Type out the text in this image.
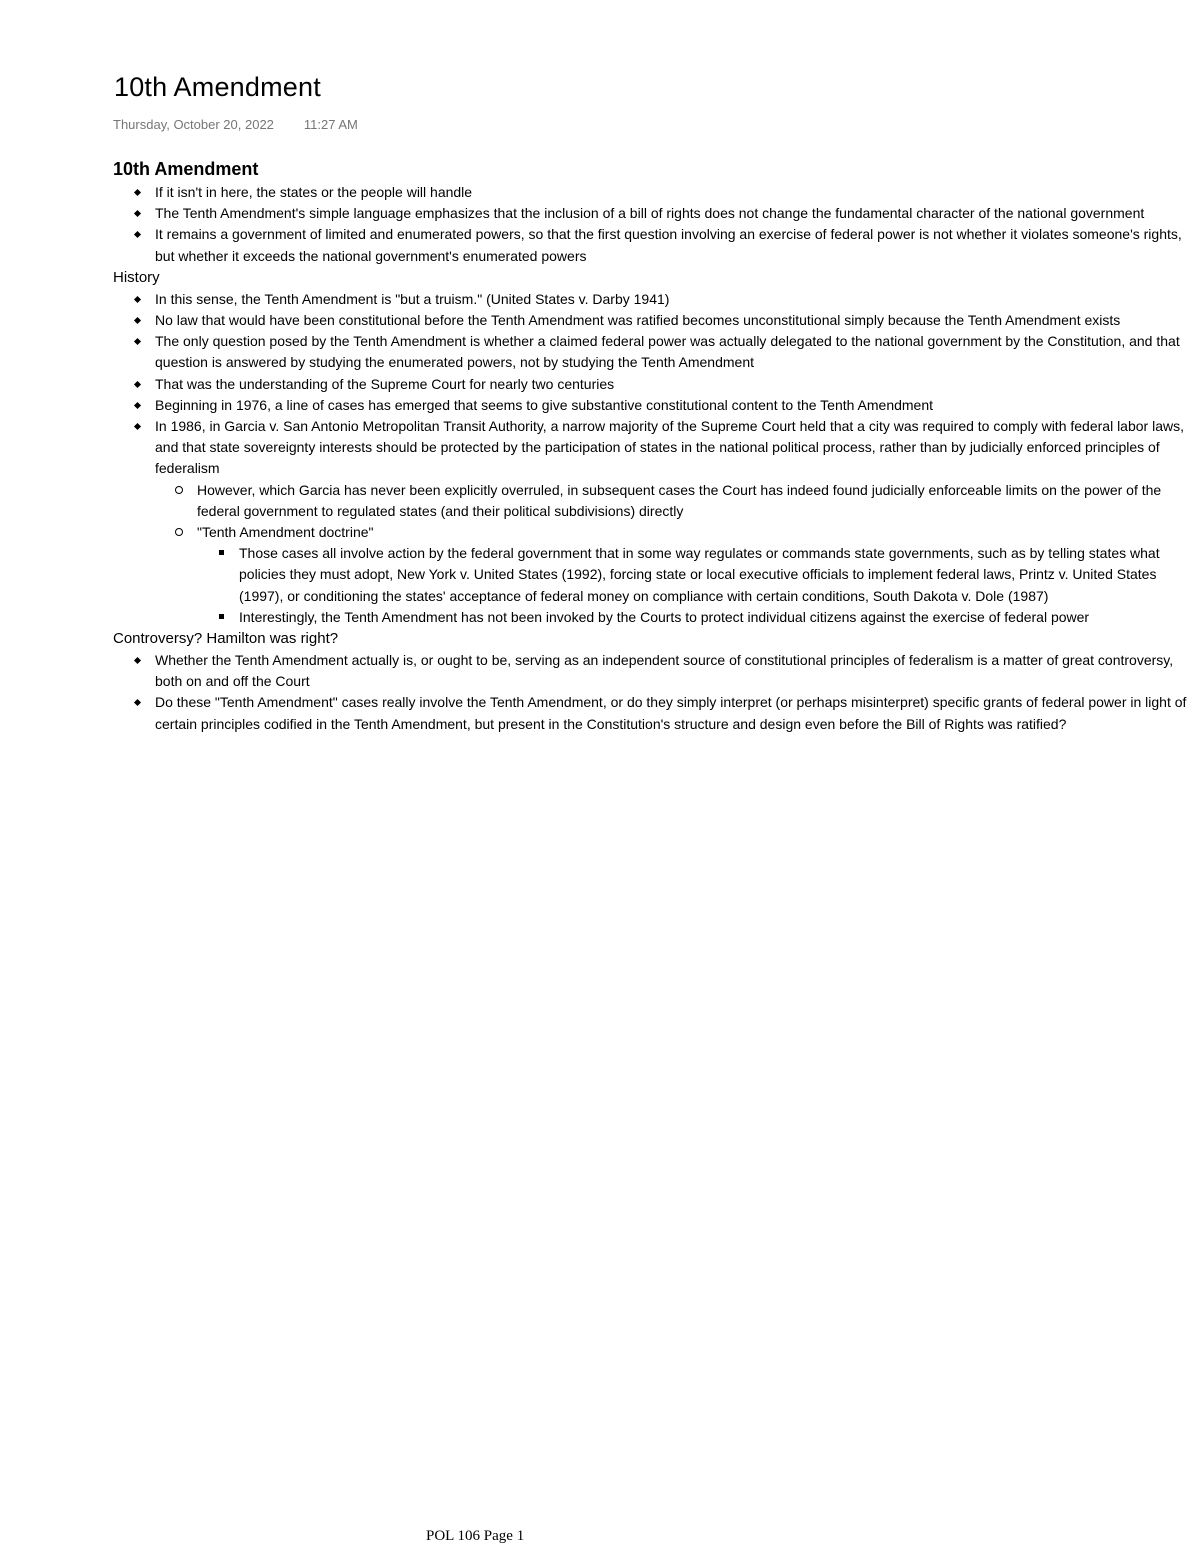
10th Amendment
Thursday, October 20, 2022 11:27 AM
10th Amendment
If it isn't in here, the states or the people will handle
The Tenth Amendment's simple language emphasizes that the inclusion of a bill of rights does not change the fundamental character of the national government
It remains a government of limited and enumerated powers, so that the first question involving an exercise of federal power is not whether it violates someone's rights, but whether it exceeds the national government's enumerated powers
History
In this sense, the Tenth Amendment is "but a truism." (United States v. Darby 1941)
No law that would have been constitutional before the Tenth Amendment was ratified becomes unconstitutional simply because the Tenth Amendment exists
The only question posed by the Tenth Amendment is whether a claimed federal power was actually delegated to the national government by the Constitution, and that question is answered by studying the enumerated powers, not by studying the Tenth Amendment
That was the understanding of the Supreme Court for nearly two centuries
Beginning in 1976, a line of cases has emerged that seems to give substantive constitutional content to the Tenth Amendment
In 1986, in Garcia v. San Antonio Metropolitan Transit Authority, a narrow majority of the Supreme Court held that a city was required to comply with federal labor laws, and that state sovereignty interests should be protected by the participation of states in the national political process, rather than by judicially enforced principles of federalism
However, which Garcia has never been explicitly overruled, in subsequent cases the Court has indeed found judicially enforceable limits on the power of the federal government to regulated states (and their political subdivisions) directly
"Tenth Amendment doctrine"
Those cases all involve action by the federal government that in some way regulates or commands state governments, such as by telling states what policies they must adopt, New York v. United States (1992), forcing state or local executive officials to implement federal laws, Printz v. United States (1997), or conditioning the states' acceptance of federal money on compliance with certain conditions, South Dakota v. Dole (1987)
Interestingly, the Tenth Amendment has not been invoked by the Courts to protect individual citizens against the exercise of federal power
Controversy? Hamilton was right?
Whether the Tenth Amendment actually is, or ought to be, serving as an independent source of constitutional principles of federalism is a matter of great controversy, both on and off the Court
Do these "Tenth Amendment" cases really involve the Tenth Amendment, or do they simply interpret (or perhaps misinterpret) specific grants of federal power in light of certain principles codified in the Tenth Amendment, but present in the Constitution's structure and design even before the Bill of Rights was ratified?
POL 106 Page 1
